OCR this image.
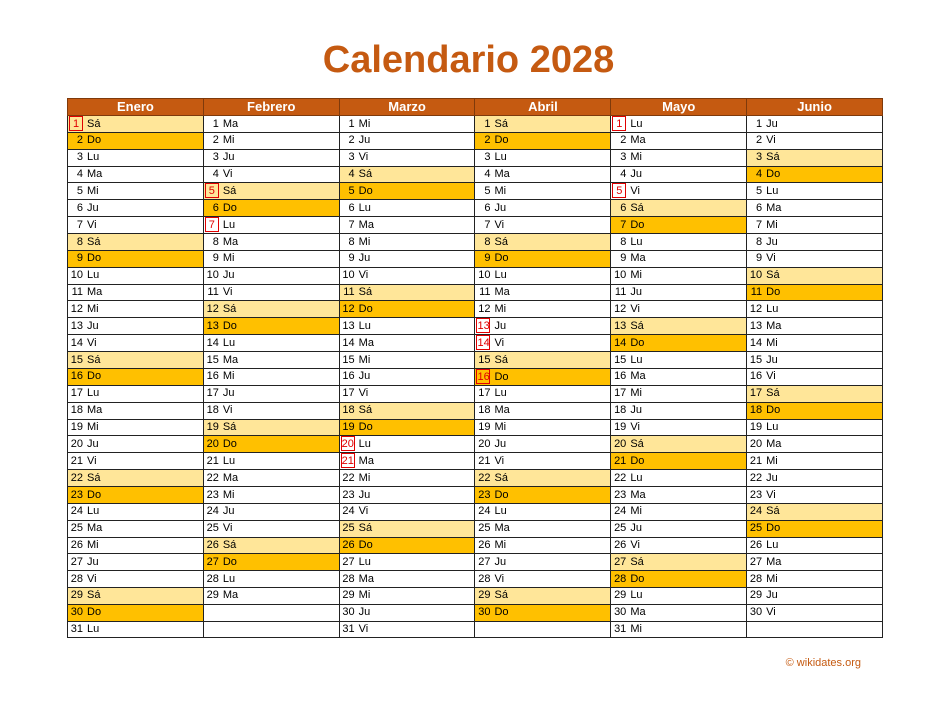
Calendario 2028
Enero	Febrero	Marzo	Abril	Mayo	Junio
1 Sá	1 Ma	1 Mi	1 Sá	1 Lu	1 Ju
2 Do	2 Mi	2 Ju	2 Do	2 Ma	2 Vi
3 Lu	3 Ju	3 Vi	3 Lu	3 Mi	3 Sá
4 Ma	4 Vi	4 Sá	4 Ma	4 Ju	4 Do
5 Mi	5 Sá	5 Do	5 Mi	5 Vi	5 Lu
6 Ju	6 Do	6 Lu	6 Ju	6 Sá	6 Ma
7 Vi	7 Lu	7 Ma	7 Vi	7 Do	7 Mi
8 Sá	8 Ma	8 Mi	8 Sá	8 Lu	8 Ju
9 Do	9 Mi	9 Ju	9 Do	9 Ma	9 Vi
10 Lu	10 Ju	10 Vi	10 Lu	10 Mi	10 Sá
11 Ma	11 Vi	11 Sá	11 Ma	11 Ju	11 Do
12 Mi	12 Sá	12 Do	12 Mi	12 Vi	12 Lu
13 Ju	13 Do	13 Lu	13 Ju	13 Sá	13 Ma
14 Vi	14 Lu	14 Ma	14 Vi	14 Do	14 Mi
15 Sá	15 Ma	15 Mi	15 Sá	15 Lu	15 Ju
16 Do	16 Mi	16 Ju	16 Do	16 Ma	16 Vi
17 Lu	17 Ju	17 Vi	17 Lu	17 Mi	17 Sá
18 Ma	18 Vi	18 Sá	18 Ma	18 Ju	18 Do
19 Mi	19 Sá	19 Do	19 Mi	19 Vi	19 Lu
20 Ju	20 Do	20 Lu	20 Ju	20 Sá	20 Ma
21 Vi	21 Lu	21 Ma	21 Vi	21 Do	21 Mi
22 Sá	22 Ma	22 Mi	22 Sá	22 Lu	22 Ju
23 Do	23 Mi	23 Ju	23 Do	23 Ma	23 Vi
24 Lu	24 Ju	24 Vi	24 Lu	24 Mi	24 Sá
25 Ma	25 Vi	25 Sá	25 Ma	25 Ju	25 Do
26 Mi	26 Sá	26 Do	26 Mi	26 Vi	26 Lu
27 Ju	27 Do	27 Lu	27 Ju	27 Sá	27 Ma
28 Vi	28 Lu	28 Ma	28 Vi	28 Do	28 Mi
29 Sá	29 Ma	29 Mi	29 Sá	29 Lu	29 Ju
30 Do		30 Ju	30 Do	30 Ma	30 Vi
31 Lu		31 Vi		31 Mi	
© wikidates.org
